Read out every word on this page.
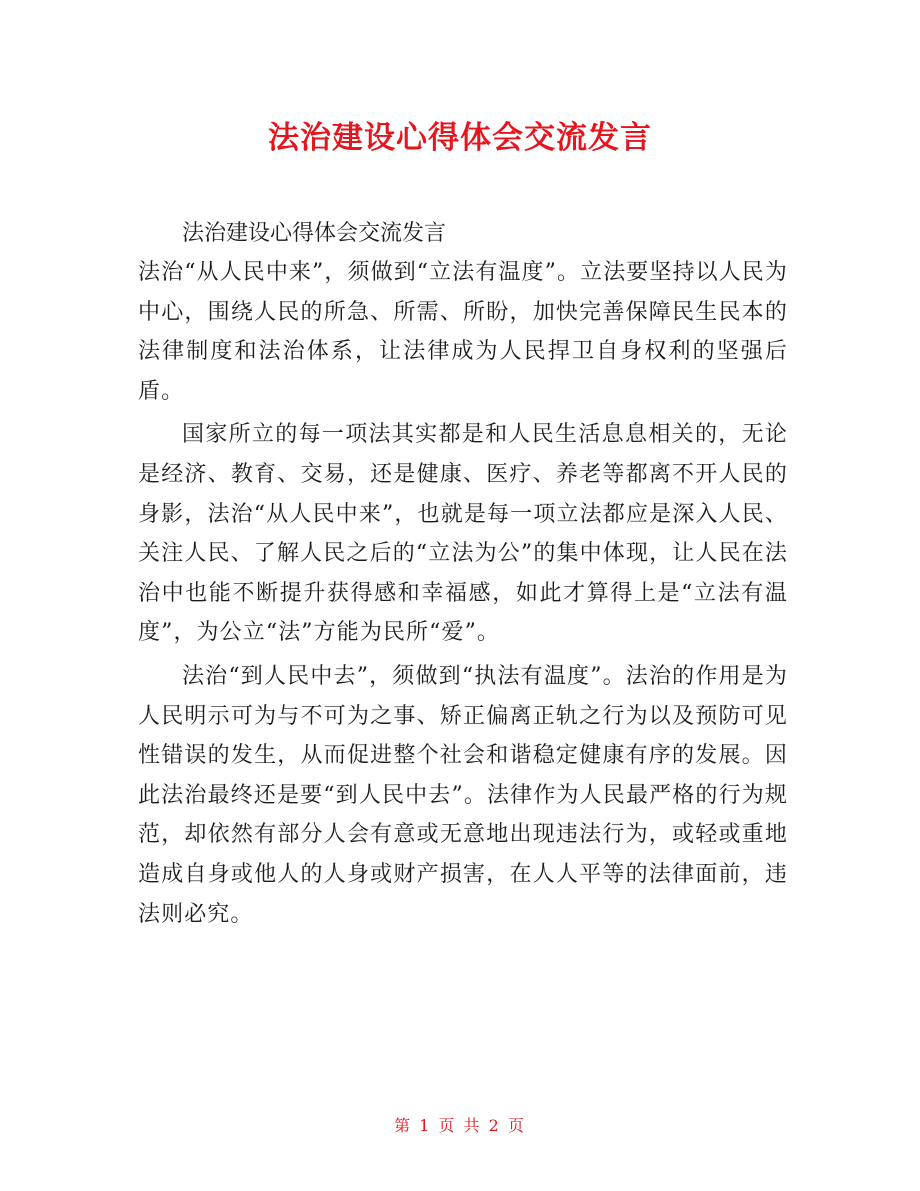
法治建设心得体会交流发言

法治建设心得体会交流发言

法治“从人民中来”，须做到“立法有温度”。立法要坚持以人民为中心，围绕人民的所急、所需、所盼，加快完善保障民生民本的法律制度和法治体系，让法律成为人民捍卫自身权利的坚强后盾。

国家所立的每一项法其实都是和人民生活息息相关的，无论是经济、教育、交易，还是健康、医疗、养老等都离不开人民的身影，法治“从人民中来”，也就是每一项立法都应是深入人民、关注人民、了解人民之后的“立法为公”的集中体现，让人民在法治中也能不断提升获得感和幸福感，如此才算得上是“立法有温度”，为公立“法”方能为民所“爱”。

法治“到人民中去”，须做到“执法有温度”。法治的作用是为人民明示可为与不可为之事、矫正偏离正轨之行为以及预防可见性错误的发生，从而促进整个社会和谐稳定健康有序的发展。因此法治最终还是要“到人民中去”。法律作为人民最严格的行为规范，却依然有部分人会有意或无意地出现违法行为，或轻或重地造成自身或他人的人身或财产损害，在人人平等的法律面前，违法则必究。

第 1 页 共 2 页
